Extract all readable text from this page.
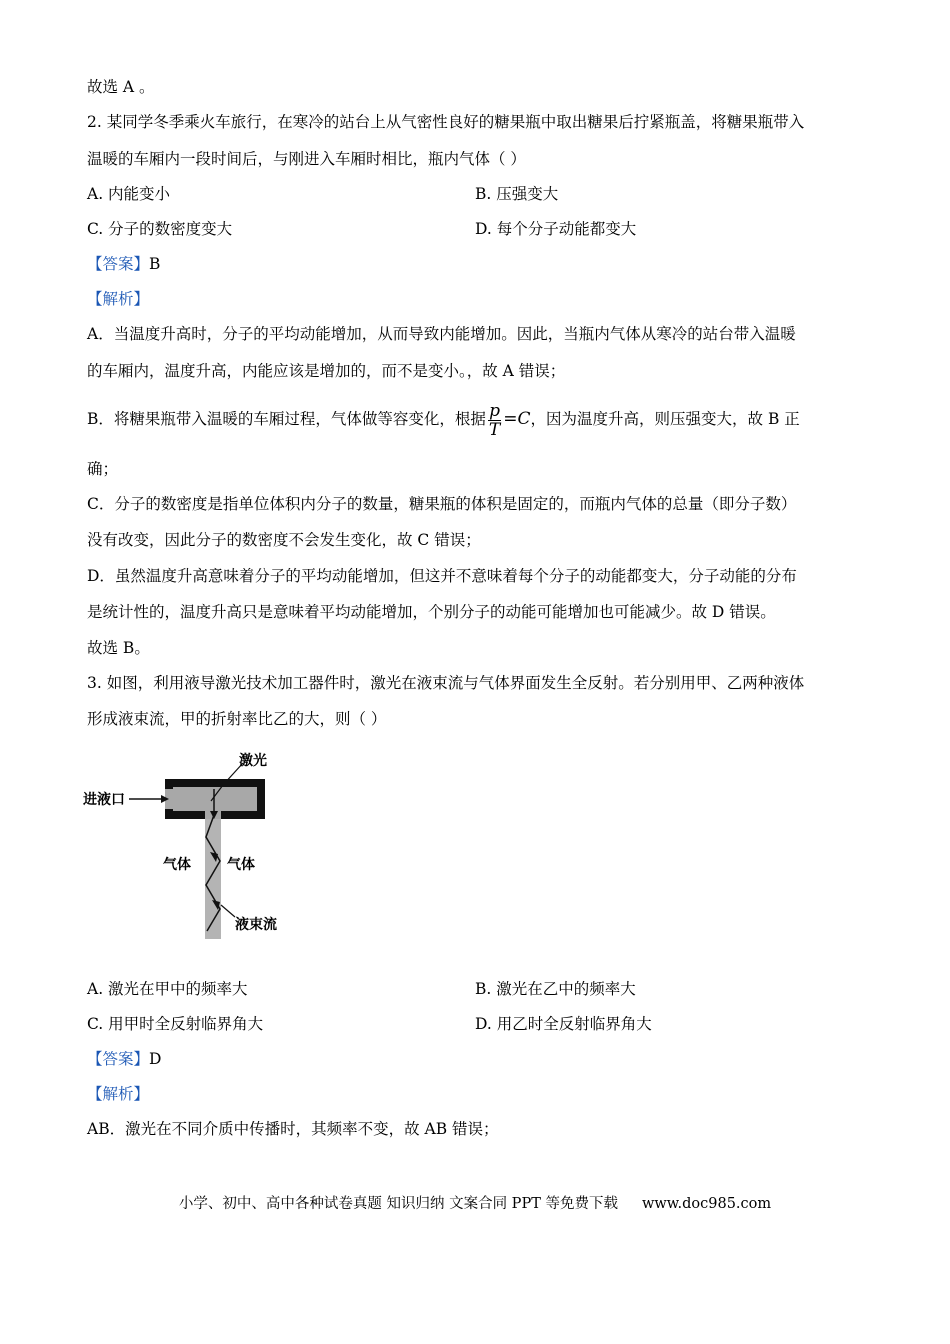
故选 A 。
2. 某同学冬季乘火车旅行，在寒冷的站台上从气密性良好的糖果瓶中取出糖果后拧紧瓶盖，将糖果瓶带入
温暖的车厢内一段时间后，与刚进入车厢时相比，瓶内气体（ ）
A. 内能变小	B. 压强变大
C. 分子的数密度变大	D. 每个分子动能都变大
【答案】B
【解析】
A．当温度升高时，分子的平均动能增加，从而导致内能增加。因此，当瓶内气体从寒冷的站台带入温暖
的车厢内，温度升高，内能应该是增加的，而不是变小。，故 A 错误；
B．将糖果瓶带入温暖的车厢过程，气体做等容变化，根据 $\frac{p}{T} =C$，因为温度升高，则压强变大，故 B 正
确；
C．分子的数密度是指单位体积内分子的数量，糖果瓶的体积是固定的，而瓶内气体的总量（即分子数）
没有改变，因此分子的数密度不会发生变化，故 C 错误；
D．虽然温度升高意味着分子的平均动能增加，但这并不意味着每个分子的动能都变大，分子动能的分布
是统计性的，温度升高只是意味着平均动能增加，个别分子的动能可能增加也可能减少。故 D 错误。
故选 B。
3. 如图，利用液导激光技术加工器件时，激光在液束流与气体界面发生全反射。若分别用甲、乙两种液体
形成液束流，甲的折射率比乙的大，则（ ）
激光
进液口
气体	气体
液束流
A. 激光在甲中的频率大	B. 激光在乙中的频率大
C. 用甲时全反射临界角大	D. 用乙时全反射临界角大
【答案】D
【解析】
AB．激光在不同介质中传播时，其频率不变，故 AB 错误；
小学、初中、高中各种试卷真题 知识归纳 文案合同 PPT 等免费下载 www.doc985.com
